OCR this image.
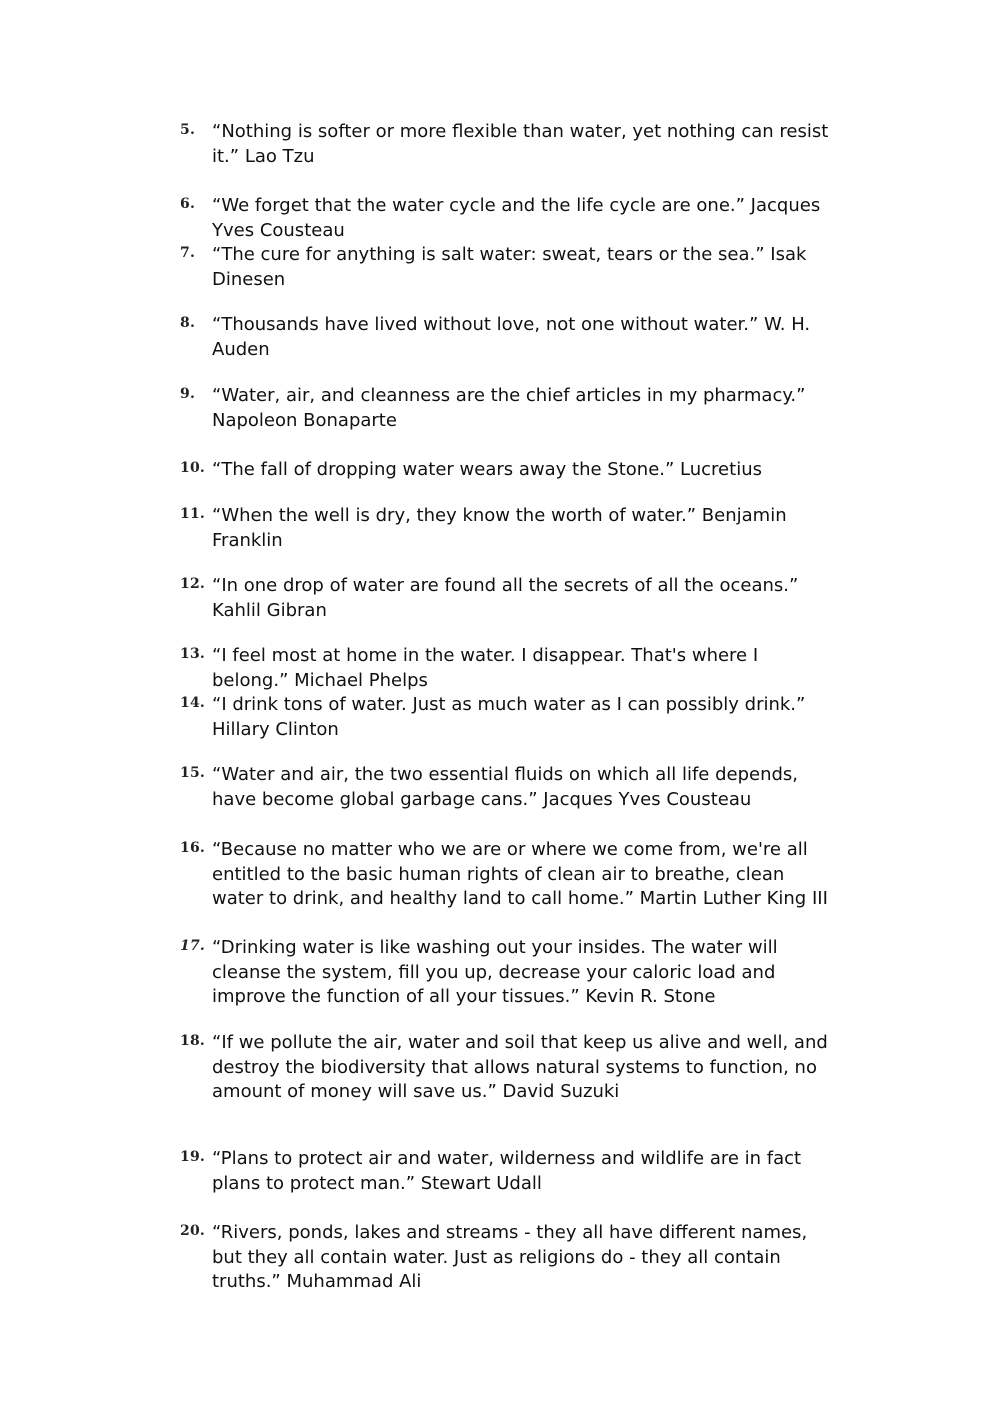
5. “Nothing is softer or more flexible than water, yet nothing can resist
it.” Lao Tzu
6. “We forget that the water cycle and the life cycle are one.” Jacques
Yves Cousteau
7. “The cure for anything is salt water: sweat, tears or the sea.” Isak
Dinesen
8. “Thousands have lived without love, not one without water.” W. H.
Auden
9. “Water, air, and cleanness are the chief articles in my pharmacy.”
Napoleon Bonaparte
10. “The fall of dropping water wears away the Stone.” Lucretius
11. “When the well is dry, they know the worth of water.” Benjamin
Franklin
12. “In one drop of water are found all the secrets of all the oceans.”
Kahlil Gibran
13. “I feel most at home in the water. I disappear. That's where I
belong.” Michael Phelps
14. “I drink tons of water. Just as much water as I can possibly drink.”
Hillary Clinton
15. “Water and air, the two essential fluids on which all life depends,
have become global garbage cans.” Jacques Yves Cousteau
16. “Because no matter who we are or where we come from, we're all
entitled to the basic human rights of clean air to breathe, clean
water to drink, and healthy land to call home.” Martin Luther King III
17. “Drinking water is like washing out your insides. The water will
cleanse the system, fill you up, decrease your caloric load and
improve the function of all your tissues.” Kevin R. Stone
18. “If we pollute the air, water and soil that keep us alive and well, and
destroy the biodiversity that allows natural systems to function, no
amount of money will save us.” David Suzuki
19. “Plans to protect air and water, wilderness and wildlife are in fact
plans to protect man.” Stewart Udall
20. “Rivers, ponds, lakes and streams - they all have different names,
but they all contain water. Just as religions do - they all contain
truths.” Muhammad Ali
